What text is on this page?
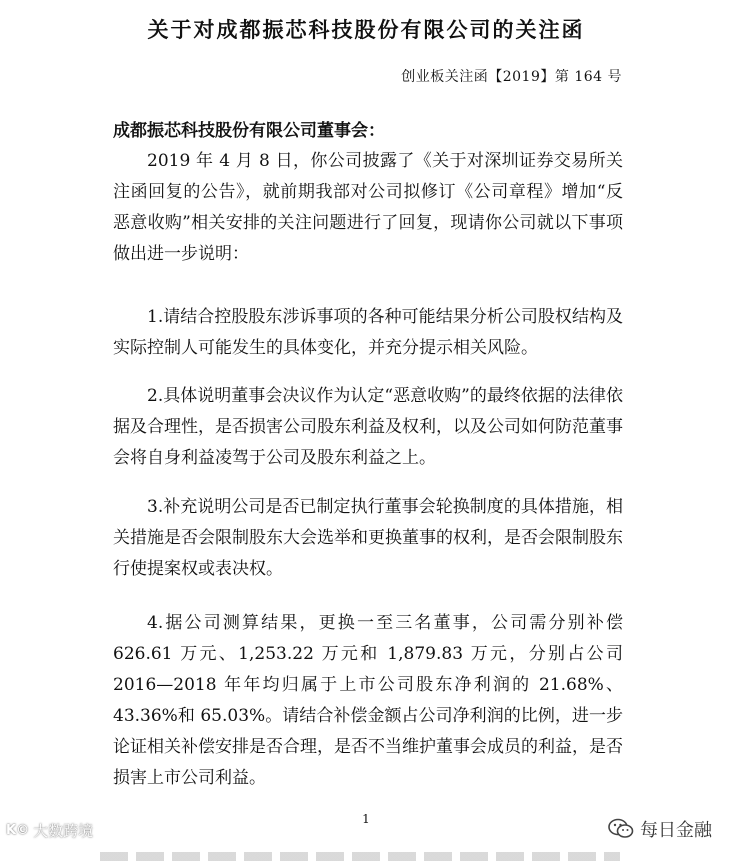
关于对成都振芯科技股份有限公司的关注函
创业板关注函【2019】第 164 号

成都振芯科技股份有限公司董事会：

2019 年 4 月 8 日，你公司披露了《关于对深圳证券交易所关注函回复的公告》，就前期我部对公司拟修订《公司章程》增加“反恶意收购”相关安排的关注问题进行了回复，现请你公司就以下事项做出进一步说明：

1.请结合控股股东涉诉事项的各种可能结果分析公司股权结构及实际控制人可能发生的具体变化，并充分提示相关风险。

2.具体说明董事会决议作为认定“恶意收购”的最终依据的法律依据及合理性，是否损害公司股东利益及权利，以及公司如何防范董事会将自身利益凌驾于公司及股东利益之上。

3.补充说明公司是否已制定执行董事会轮换制度的具体措施，相关措施是否会限制股东大会选举和更换董事的权利，是否会限制股东行使提案权或表决权。

4.据公司测算结果，更换一至三名董事，公司需分别补偿 626.61 万元、1,253.22 万元和 1,879.83 万元，分别占公司 2016—2018 年年均归属于上市公司股东净利润的 21.68%、43.36%和 65.03%。请结合补偿金额占公司净利润的比例，进一步论证相关补偿安排是否合理，是否不当维护董事会成员的利益，是否损害上市公司利益。

1
K© 大数跨境	每日金融
